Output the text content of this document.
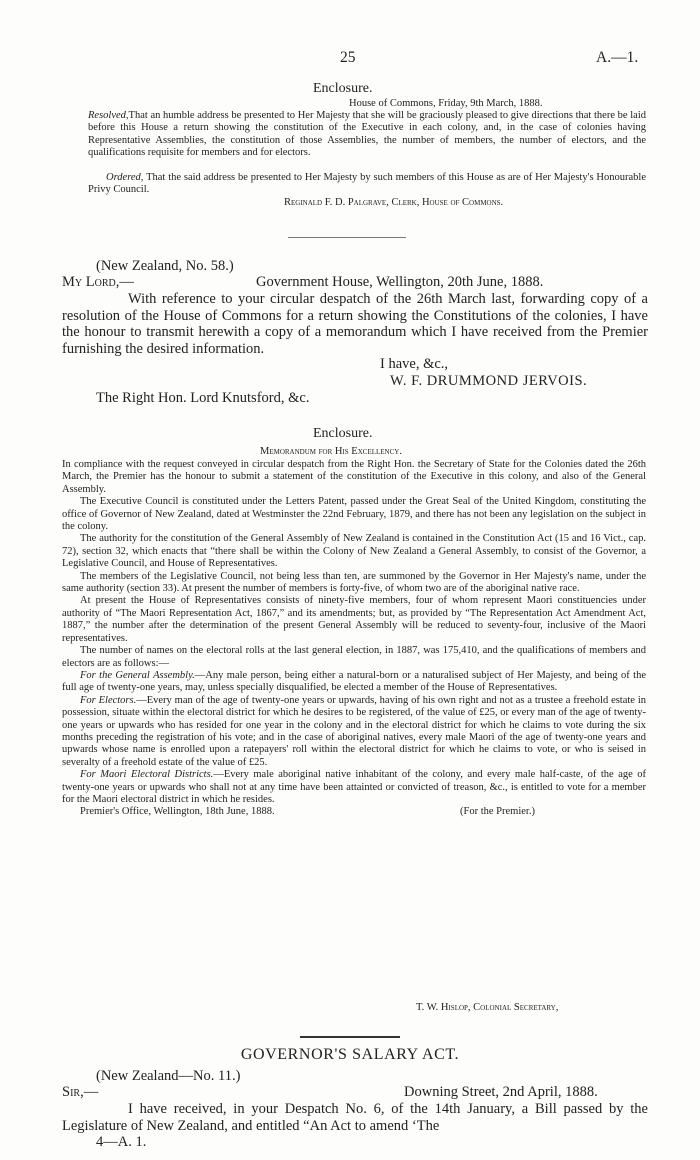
25	A.—1.
Enclosure.
House of Commons, Friday, 9th March, 1888.
Resolved,That an humble address be presented to Her Majesty that she will be graciously pleased to give directions that there be laid before this House a return showing the constitution of the Executive in each colony, and, in the case of colonies having Representative Assemblies, the constitution of those Assemblies, the number of members, the number of electors, and the qualifications requisite for members and for electors.
Ordered, That the said address be presented to Her Majesty by such members of this House as are of Her Majesty's Honourable Privy Council.
Reginald F. D. Palgrave, Clerk, House of Commons.
(New Zealand, No. 58.)
My Lord,—	Government House, Wellington, 20th June, 1888.
With reference to your circular despatch of the 26th March last, forwarding copy of a resolution of the House of Commons for a return showing the Constitutions of the colonies, I have the honour to transmit herewith a copy of a memorandum which I have received from the Premier furnishing the desired information.
I have, &c.,
W. F. DRUMMOND JERVOIS.
The Right Hon. Lord Knutsford, &c.
Enclosure.
Memorandum for His Excellency.

In compliance with the request conveyed in circular despatch from the Right Hon. the Secretary of State for the Colonies dated the 26th March, the Premier has the honour to submit a statement of the constitution of the Executive in this colony, and also of the General Assembly.

The Executive Council is constituted under the Letters Patent, passed under the Great Seal of the United Kingdom, constituting the office of Governor of New Zealand, dated at Westminster the 22nd February, 1879, and there has not been any legislation on the subject in the colony.

The authority for the constitution of the General Assembly of New Zealand is contained in the Constitution Act (15 and 16 Vict., cap. 72), section 32, which enacts that “there shall be within the Colony of New Zealand a General Assembly, to consist of the Governor, a Legislative Council, and House of Representatives.

The members of the Legislative Council, not being less than ten, are summoned by the Governor in Her Majesty's name, under the same authority (section 33). At present the number of members is forty-five, of whom two are of the aboriginal native race.

At present the House of Representatives consists of ninety-five members, four of whom represent Maori constituencies under authority of “The Maori Representation Act, 1867,” and its amendments; but, as provided by “The Representation Act Amendment Act, 1887,” the number after the determination of the present General Assembly will be reduced to seventy-four, inclusive of the Maori representatives.

The number of names on the electoral rolls at the last general election, in 1887, was 175,410, and the qualifications of members and electors are as follows:—

For the General Assembly.—Any male person, being either a natural-born or a naturalised subject of Her Majesty, and being of the full age of twenty-one years, may, unless specially disqualified, be elected a member of the House of Representatives.

For Electors.—Every man of the age of twenty-one years or upwards, having of his own right and not as a trustee a freehold estate in possession, situate within the electoral district for which he desires to be registered, of the value of £25, or every man of the age of twenty-one years or upwards who has resided for one year in the colony and in the electoral district for which he claims to vote during the six months preceding the registration of his vote; and in the case of aboriginal natives, every male Maori of the age of twenty-one years and upwards whose name is enrolled upon a ratepayers' roll within the electoral district for which he claims to vote, or who is seised in severalty of a freehold estate of the value of £25.

For Maori Electoral Districts.—Every male aboriginal native inhabitant of the colony, and every male half-caste, of the age of twenty-one years or upwards who shall not at any time have been attainted or convicted of treason, &c., is entitled to vote for a member for the Maori electoral district in which he resides.

Premier's Office, Wellington, 18th June, 1888.	(For the Premier.)
T. W. Hislop, Colonial Secretary,
GOVERNOR'S SALARY ACT.
(New Zealand—No. 11.)
Sir,—	Downing Street, 2nd April, 1888.
I have received, in your Despatch No. 6, of the 14th January, a Bill passed by the Legislature of New Zealand, and entitled “An Act to amend ‘The
4—A. 1.
